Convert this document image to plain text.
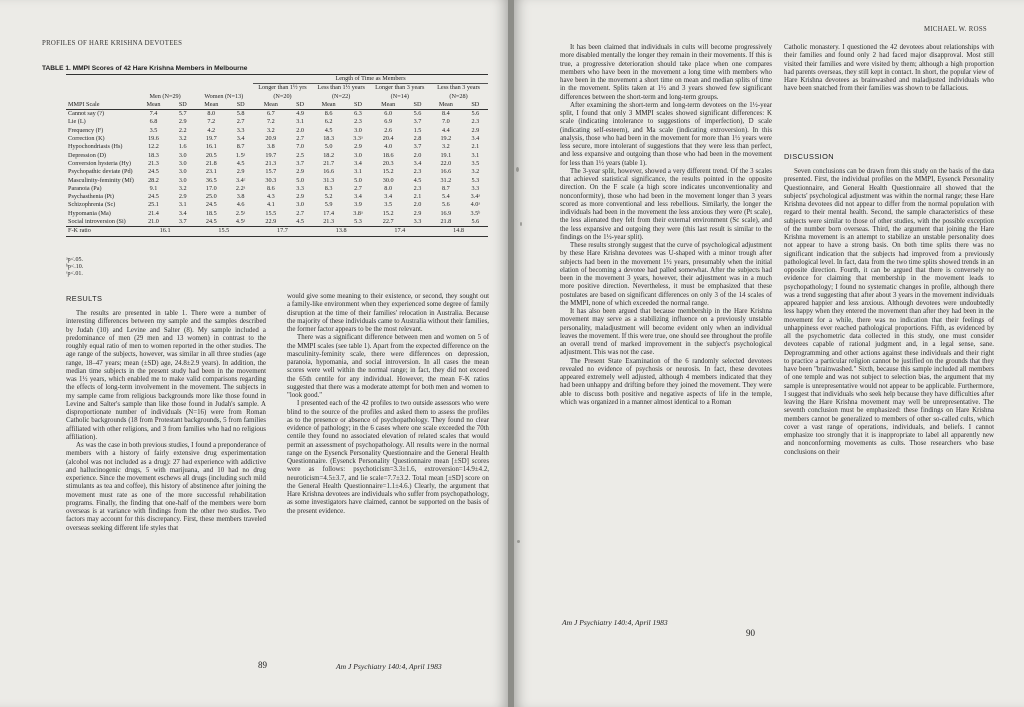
PROFILES OF HARE KRISHNA DEVOTEES
TABLE 1. MMPI Scores of 42 Hare Krishna Members in Melbourne
					Length of Time as Members							
	Men (N=29)		Women (N=13)		Longer than 1½ yrs (N=20)		Less than 1½ years (N=22)		Longer than 3 years (N=14)		Less than 3 years (N=28)	
MMPI Scale	Mean	SD	Mean	SD	Mean	SD	Mean	SD	Mean	SD	Mean	SD
Cannot say (?)	7.4	5.7	8.0	5.8	6.7	4.9	8.6	6.3	6.0	5.6	8.4	5.6
Lie (L)	6.8	2.9	7.2	2.7	7.2	3.1	6.2	2.3	6.9	3.7	7.0	2.3
Frequency (F)	3.5	2.2	4.2	3.3	3.2	2.0	4.5	3.0	2.6	1.5	4.4	2.9
Correction (K)	19.6	3.2	19.7	3.4	20.9	2.7	18.3	3.3ᵃ	20.4	2.8	19.2	3.4
Hypochondriasis (Hs)	12.2	1.6	16.1	8.7	3.8	7.0	5.0	2.9	4.0	3.7	3.2	2.1
Depression (D)	18.3	3.0	20.5	1.5ᵃ	19.7	2.5	18.2	3.0	18.6	2.0	19.1	3.1
Conversion hysteria (Hy)	21.3	3.0	21.8	4.5	21.3	3.7	21.7	3.4	20.3	3.4	22.0	3.5
Psychopathic deviate (Pd)	24.5	3.0	23.1	2.9	15.7	2.9	16.6	3.1	15.2	2.3	16.6	3.2
Masculinity-feminity (Mf)	28.2	3.0	36.5	3.4ᶜ	30.3	5.0	31.3	5.0	30.0	4.5	31.2	5.3
Paranoia (Pa)	9.1	3.2	17.0	2.2ᵃ	8.6	3.3	8.3	2.7	8.0	2.3	8.7	3.3
Psychasthenia (Pt)	24.5	2.9	25.0	3.8	4.3	2.9	5.2	3.4	3.4	2.1	5.4	3.4ᵃ
Schizophrenia (Sc)	25.1	3.1	24.5	4.6	4.1	3.0	5.9	3.9	3.5	2.0	5.6	4.0ᵃ
Hypomania (Ma)	21.4	3.4	18.5	2.5ᵃ	15.5	2.7	17.4	3.8ᵃ	15.2	2.9	16.9	3.5ᵇ
Social introversion (Si)	21.0	3.7	24.5	4.5ᵃ	22.9	4.5	21.3	5.3	22.7	3.3	21.8	5.6
F-K ratio	16.1		15.5		17.7		13.8		17.4		14.8	
ᵃp<.05.
ᵇp<.10.
ᶜp<.01.
RESULTS

The results are presented in table 1. There were a number of interesting differences between my sample and the samples described by Judah (10) and Levine and Salter (8). My sample included a predominance of men (29 men and 13 women) in contrast to the roughly equal ratio of men to women reported in the other studies. The age range of the subjects, however, was similar in all three studies (age range, 18–47 years; mean (±SD) age, 24.8±2.9 years). In addition, the median time subjects in the present study had been in the movement was 1½ years, which enabled me to make valid comparisons regarding the effects of long-term involvement in the movement. The subjects in my sample came from religious backgrounds more like those found in Levine and Salter's sample than like those found in Judah's sample. A disproportionate number of individuals (N=16) were from Roman Catholic backgrounds (18 from Protestant backgrounds, 5 from families affiliated with other religions, and 3 from families who had no religious affiliation).

As was the case in both previous studies, I found a preponderance of members with a history of fairly extensive drug experimentation (alcohol was not included as a drug): 27 had experience with addictive and hallucinogenic drugs, 5 with marijuana, and 10 had no drug experience. Since the movement eschews all drugs (including such mild stimulants as tea and coffee), this history of abstinence after joining the movement must rate as one of the more successful rehabilitation programs. Finally, the finding that one-half of the members were born overseas is at variance with findings from the other two studies. Two factors may account for this discrepancy. First, these members traveled overseas seeking different life styles that

would give some meaning to their existence, or second, they sought out a family-like environment when they experienced some degree of family disruption at the time of their families' relocation in Australia. Because the majority of these individuals came to Australia without their families, the former factor appears to be the most relevant.

There was a significant difference between men and women on 5 of the MMPI scales (see table 1). Apart from the expected difference on the masculinity-feminity scale, there were differences on depression, paranoia, hypomania, and social introversion. In all cases the mean scores were well within the normal range; in fact, they did not exceed the 65th centile for any individual. However, the mean F-K ratios suggested that there was a moderate attempt for both men and women to "look good."

I presented each of the 42 profiles to two outside assessors who were blind to the source of the profiles and asked them to assess the profiles as to the presence or absence of psychopathology. They found no clear evidence of pathology; in the 6 cases where one scale exceeded the 70th centile they found no associated elevation of related scales that would permit an assessment of psychopathology. All results were in the normal range on the Eysenck Personality Questionnaire and the General Health Questionnaire. (Eysenck Personality Questionnaire mean [±SD] scores were as follows: psychoticism=3.3±1.6, extroversion=14.9±4.2, neuroticism=4.5±3.7, and lie scale=7.7±3.2. Total mean [±SD] score on the General Health Questionnaire=1.1±4.6.) Clearly, the argument that Hare Krishna devotees are individuals who suffer from psychopathology, as some investigators have claimed, cannot be supported on the basis of the present evidence.

89	Am J Psychiatry 140:4, April 1983
MICHAEL W. ROSS

It has been claimed that individuals in cults will become progressively more disabled mentally the longer they remain in their movements. If this is true, a progressive deterioration should take place when one compares members who have been in the movement a long time with members who have been in the movement a short time on mean and median splits of time in the movement. Splits taken at 1½ and 3 years showed few significant differences between the short-term and long-term groups.

After examining the short-term and long-term devotees on the 1½-year split, I found that only 3 MMPI scales showed significant differences: K scale (indicating intolerance to suggestions of imperfection), D scale (indicating self-esteem), and Ma scale (indicating extroversion). In this analysis, those who had been in the movement for more than 1½ years were less secure, more intolerant of suggestions that they were less than perfect, and less expansive and outgoing than those who had been in the movement for less than 1½ years (table 1).

The 3-year split, however, showed a very different trend. Of the 3 scales that achieved statistical significance, the results pointed in the opposite direction. On the F scale (a high score indicates unconventionality and nonconformity), those who had been in the movement longer than 3 years scored as more conventional and less rebellious. Similarly, the longer the individuals had been in the movement the less anxious they were (Pt scale), the less alienated they felt from their external environment (Sc scale), and the less expansive and outgoing they were (this last result is similar to the findings on the 1½-year split).

These results strongly suggest that the curve of psychological adjustment by these Hare Krishna devotees was U-shaped with a minor trough after subjects had been in the movement 1½ years, presumably when the initial elation of becoming a devotee had palled somewhat. After the subjects had been in the movement 3 years, however, their adjustment was in a much more positive direction. Nevertheless, it must be emphasized that these postulates are based on significant differences on only 3 of the 14 scales of the MMPI, none of which exceeded the normal range.

It has also been argued that because membership in the Hare Krishna movement may serve as a stabilizing influence on a previously unstable personality, maladjustment will become evident only when an individual leaves the movement. If this were true, one should see throughout the profile an overall trend of marked improvement in the subject's psychological adjustment. This was not the case.

The Present State Examination of the 6 randomly selected devotees revealed no evidence of psychosis or neurosis. In fact, these devotees appeared extremely well adjusted, although 4 members indicated that they had been unhappy and drifting before they joined the movement. They were able to discuss both positive and negative aspects of life in the temple, which was organized in a manner almost identical to a Roman

Catholic monastery. I questioned the 42 devotees about relationships with their families and found only 2 had faced major disapproval. Most still visited their families and were visited by them; although a high proportion had parents overseas, they still kept in contact. In short, the popular view of Hare Krishna devotees as brainwashed and maladjusted individuals who have been snatched from their families was shown to be fallacious.

DISCUSSION

Seven conclusions can be drawn from this study on the basis of the data presented. First, the individual profiles on the MMPI, Eysenck Personality Questionnaire, and General Health Questionnaire all showed that the subjects' psychological adjustment was within the normal range; these Hare Krishna devotees did not appear to differ from the normal population with regard to their mental health. Second, the sample characteristics of these subjects were similar to those of other studies, with the possible exception of the number born overseas. Third, the argument that joining the Hare Krishna movement is an attempt to stabilize an unstable personality does not appear to have a strong basis. On both time splits there was no significant indication that the subjects had improved from a previously pathological level. In fact, data from the two time splits showed trends in an opposite direction. Fourth, it can be argued that there is conversely no evidence for claiming that membership in the movement leads to psychopathology; I found no systematic changes in profile, although there was a trend suggesting that after about 3 years in the movement individuals appeared happier and less anxious. Although devotees were undoubtedly less happy when they entered the movement than after they had been in the movement for a while, there was no indication that their feelings of unhappiness ever reached pathological proportions. Fifth, as evidenced by all the psychometric data collected in this study, one must consider devotees capable of rational judgment and, in a legal sense, sane. Deprogramming and other actions against these individuals and their right to practice a particular religion cannot be justified on the grounds that they have been "brainwashed." Sixth, because this sample included all members of one temple and was not subject to selection bias, the argument that my sample is unrepresentative would not appear to be applicable. Furthermore, I suggest that individuals who seek help because they have difficulties after leaving the Hare Krishna movement may well be unrepresentative. The seventh conclusion must be emphasized: these findings on Hare Krishna members cannot be generalized to members of other so-called cults, which cover a vast range of operations, individuals, and beliefs. I cannot emphasize too strongly that it is inappropriate to label all apparently new and nonconforming movements as cults. Those researchers who base conclusions on their

Am J Psychiatry 140:4, April 1983
90
